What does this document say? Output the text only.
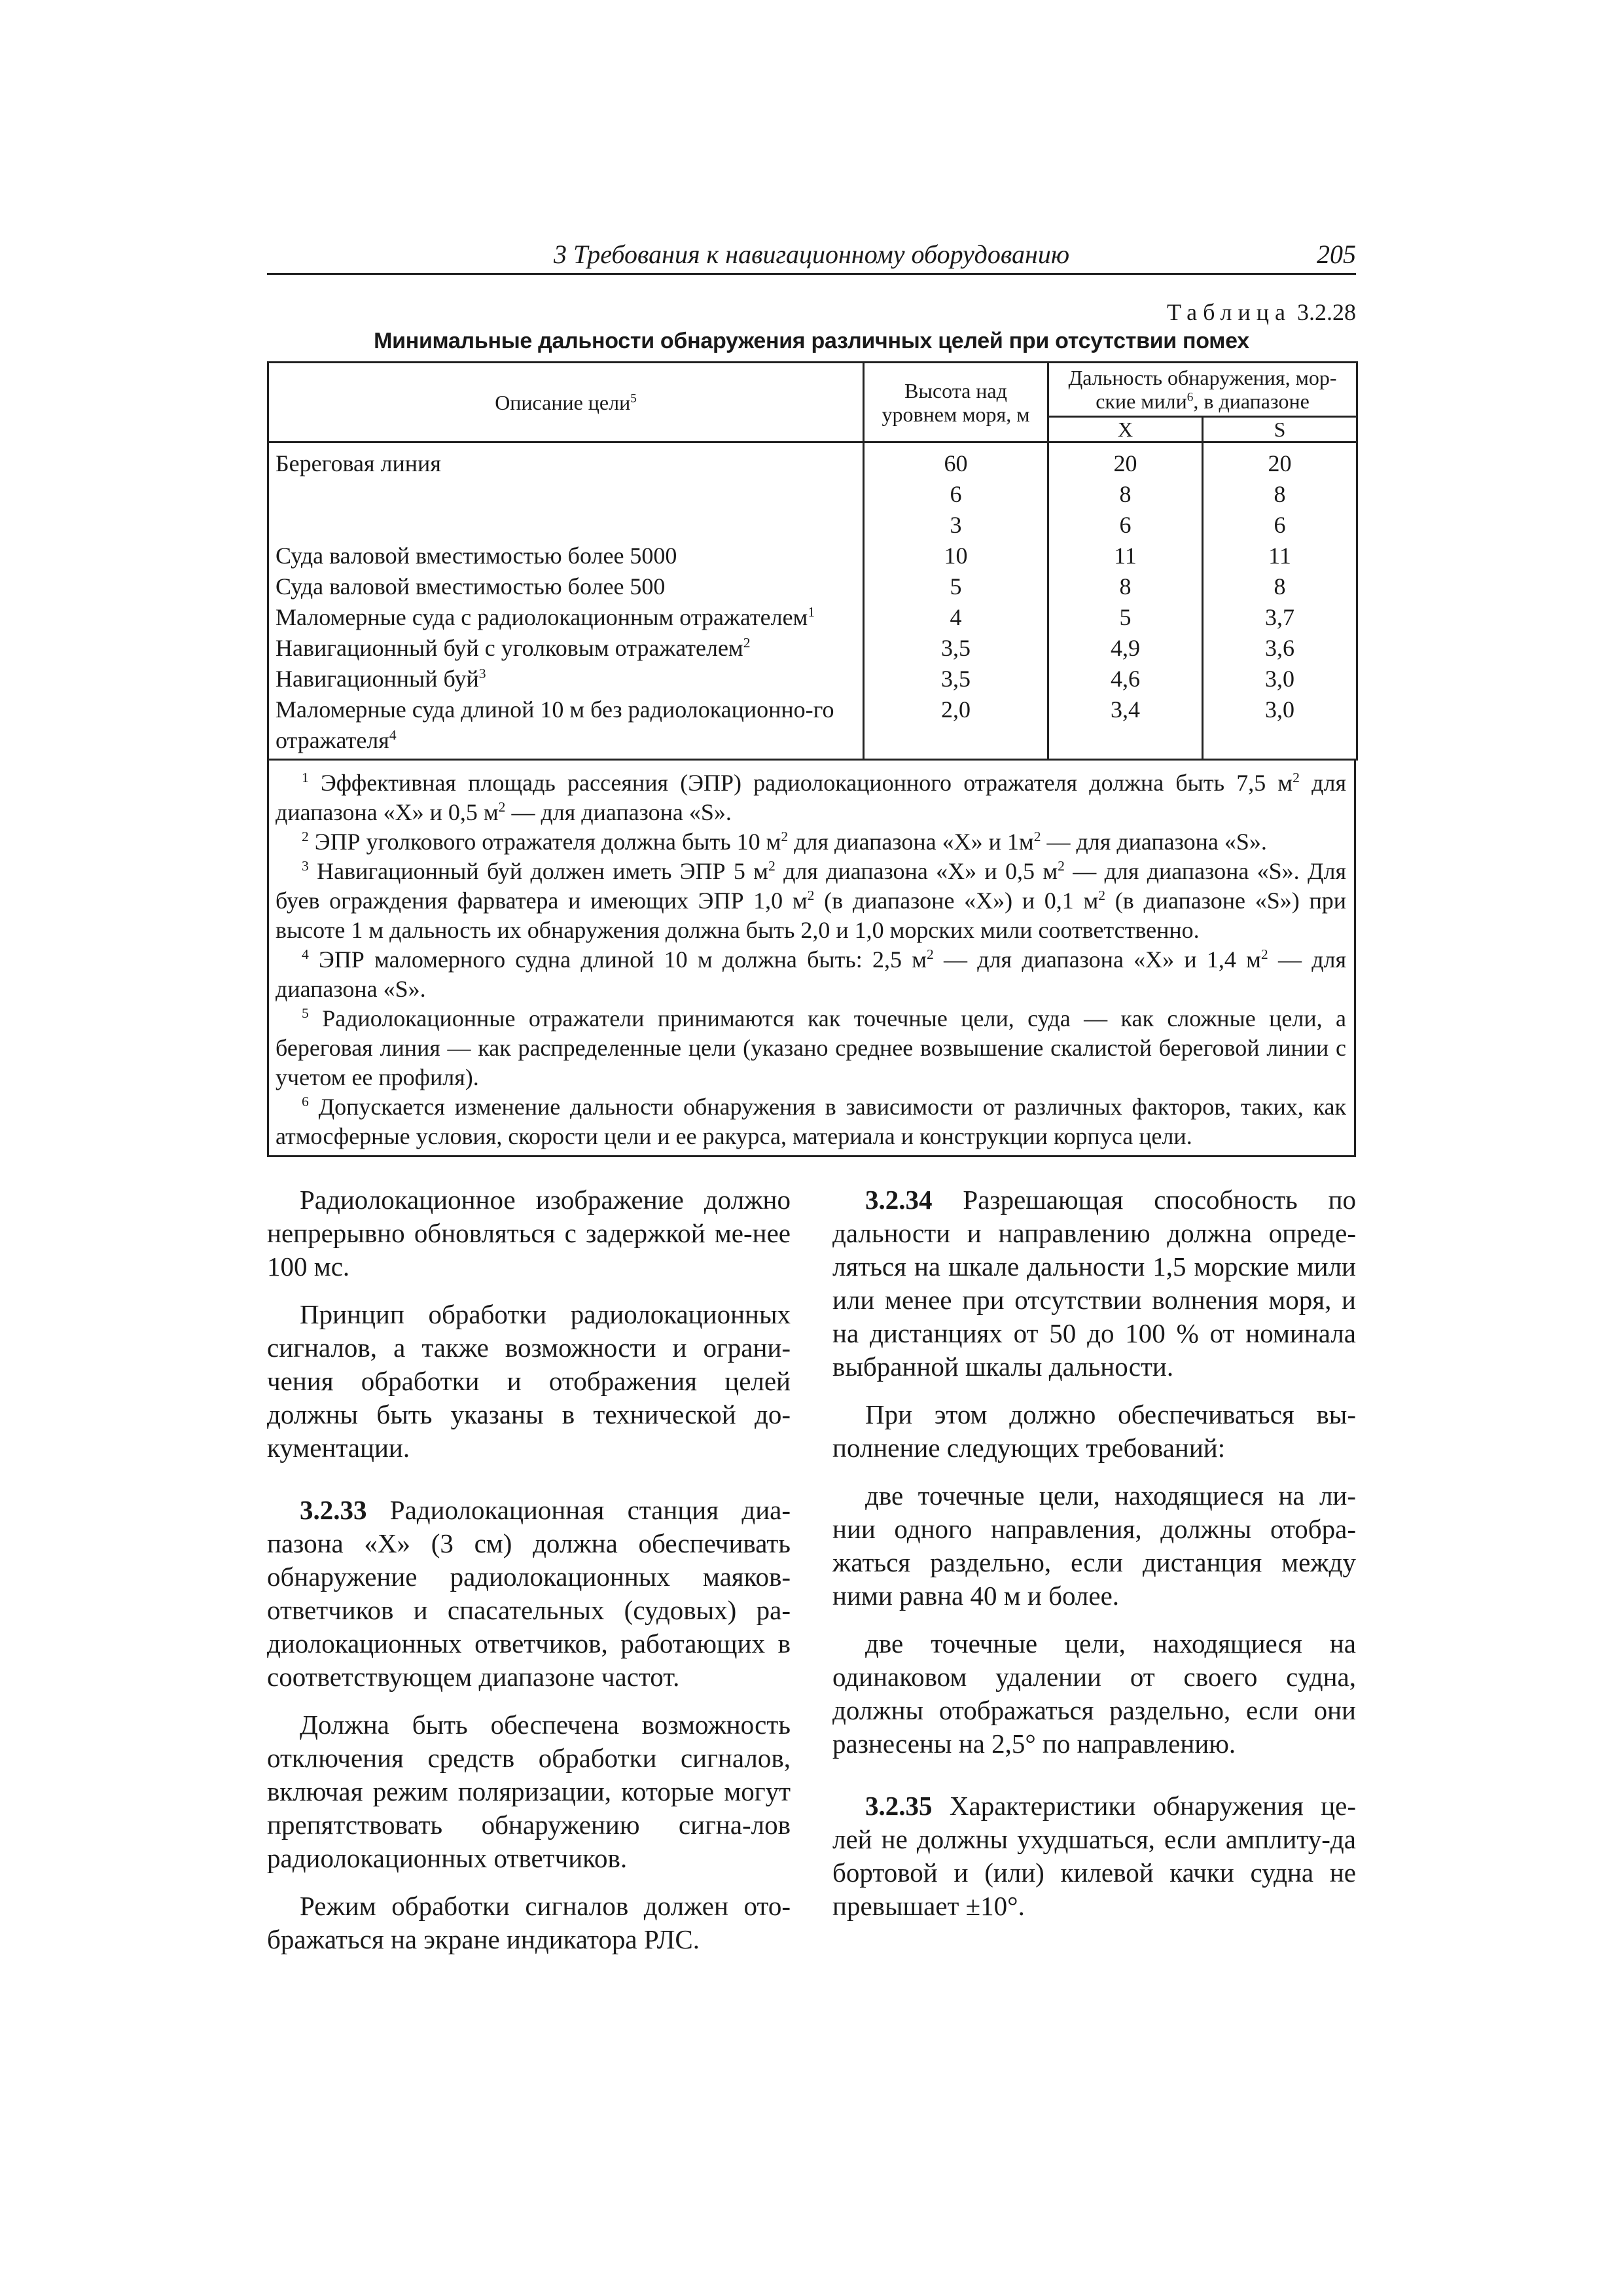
3 Требования к навигационному оборудованию	205
Таблица 3.2.28
Минимальные дальности обнаружения различных целей при отсутствии помех
Описание цели$^5$	Высота над уровнем моря, м	Дальность обнаружения, мор-ские мили$^6$, в диапазоне	
		X	S
Береговая линия	60	20	20
	6	8	8
	3	6	6
Суда валовой вместимостью более 5000	10	11	11
Суда валовой вместимостью более 500	5	8	8
Маломерные суда с радиолокационным отражателем$^1$	4	5	3,7
Навигационный буй с уголковым отражателем$^2$	3,5	4,9	3,6
Навигационный буй$^3$	3,5	4,6	3,0
Маломерные суда длиной 10 м без радиолокационно-го отражателя$^4$	2,0	3,4	3,0

$^1$ Эффективная площадь рассеяния (ЭПР) радиолокационного отражателя должна быть 7,5 $м^2$ для диапазона «X» и 0,5 $м^2$ — для диапазона «S».

$^2$ ЭПР уголкового отражателя должна быть 10 $м^2$ для диапазона «X» и $1м^2$ — для диапазона «S».

$^3$ Навигационный буй должен иметь ЭПР 5 $м^2$ для диапазона «X» и 0,5 $м^2$ — для диапазона «S». Для буев ограждения фарватера и имеющих ЭПР 1,0 $м^2$ (в диапазоне «X») и 0,1 $м^2$ (в диапазоне «S») при высоте 1 м дальность их обнаружения должна быть 2,0 и 1,0 морских мили соответственно.

$^4$ ЭПР маломерного судна длиной 10 м должна быть: 2,5 $м^2$ — для диапазона «X» и 1,4 $м^2$ — для диапазона «S».

$^5$ Радиолокационные отражатели принимаются как точечные цели, суда — как сложные цели, а береговая линия — как распределенные цели (указано среднее возвышение скалистой береговой линии с учетом ее профиля).

$^6$ Допускается изменение дальности обнаружения в зависимости от различных факторов, таких, как атмосферные условия, скорости цели и ее ракурса, материала и конструкции корпуса цели.

Радиолокационное изображение должно непрерывно обновляться с задержкой ме-нее 100 мс.

Принцип обработки радиолокационных сигналов, а также возможности и ограни-чения обработки и отображения целей должны быть указаны в технической до-кументации.

3.2.33 Радиолокационная станция диа-пазона «X» (3 см) должна обеспечивать обнаружение радиолокационных маяков-ответчиков и спасательных (судовых) ра-диолокационных ответчиков, работающих в соответствующем диапазоне частот.

Должна быть обеспечена возможность отключения средств обработки сигналов, включая режим поляризации, которые могут препятствовать обнаружению сигна-лов радиолокационных ответчиков.

Режим обработки сигналов должен ото-бражаться на экране индикатора РЛС.

3.2.34 Разрешающая способность по дальности и направлению должна опреде-ляться на шкале дальности 1,5 морские мили или менее при отсутствии волнения моря, и на дистанциях от 50 до 100 % от номинала выбранной шкалы дальности.

При этом должно обеспечиваться вы-полнение следующих требований:

две точечные цели, находящиеся на ли-нии одного направления, должны отобра-жаться раздельно, если дистанция между ними равна 40 м и более.

две точечные цели, находящиеся на одинаковом удалении от своего судна, должны отображаться раздельно, если они разнесены на 2,5° по направлению.

3.2.35 Характеристики обнаружения це-лей не должны ухудшаться, если амплиту-да бортовой и (или) килевой качки судна не превышает ±10°.
